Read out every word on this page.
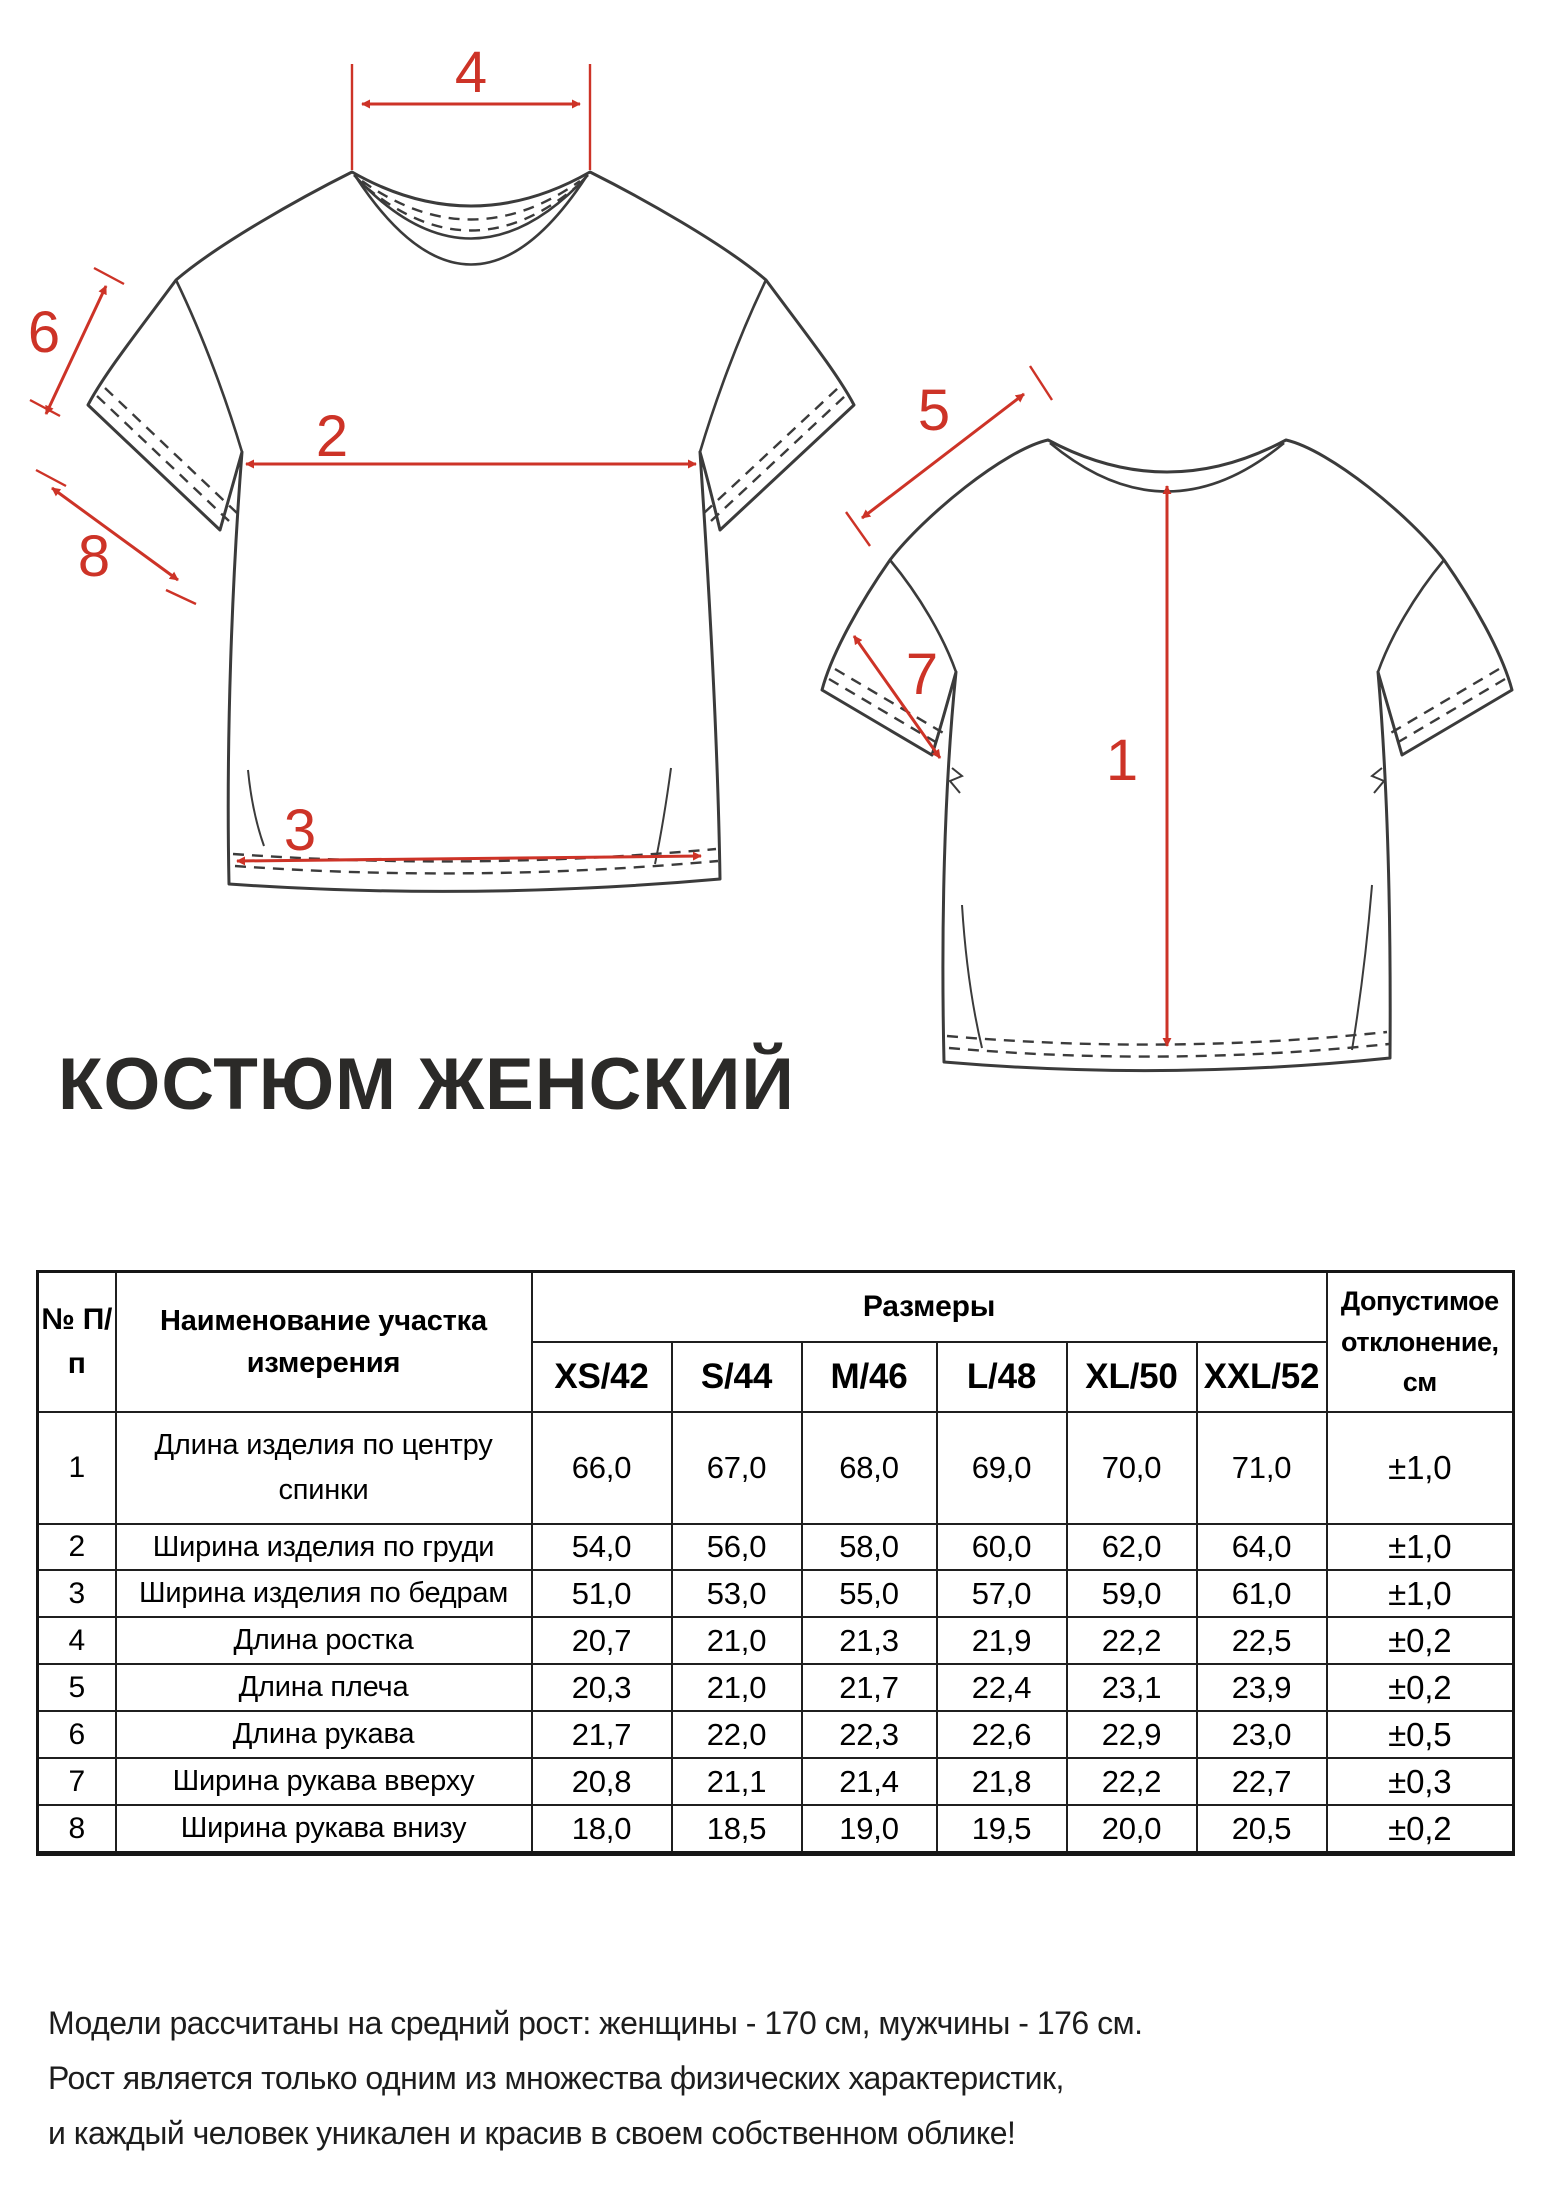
4
6
8
2
3
5
7
1
КОСТЮМ ЖЕНСКИЙ
№ П/п	Наименование участка измерения	Размеры						Допустимое отклонение, см
		XS/42	S/44	M/46	L/48	XL/50	XXL/52	
1	Длина изделия по центру спинки	66,0	67,0	68,0	69,0	70,0	71,0	±1,0
2	Ширина изделия по груди	54,0	56,0	58,0	60,0	62,0	64,0	±1,0
3	Ширина изделия по бедрам	51,0	53,0	55,0	57,0	59,0	61,0	±1,0
4	Длина ростка	20,7	21,0	21,3	21,9	22,2	22,5	±0,2
5	Длина плеча	20,3	21,0	21,7	22,4	23,1	23,9	±0,2
6	Длина рукава	21,7	22,0	22,3	22,6	22,9	23,0	±0,5
7	Ширина рукава вверху	20,8	21,1	21,4	21,8	22,2	22,7	±0,3
8	Ширина рукава внизу	18,0	18,5	19,0	19,5	20,0	20,5	±0,2

Модели рассчитаны на средний рост: женщины - 170 см, мужчины - 176 см.

Рост является только одним из множества физических характеристик,

и каждый человек уникален и красив в своем собственном облике!
